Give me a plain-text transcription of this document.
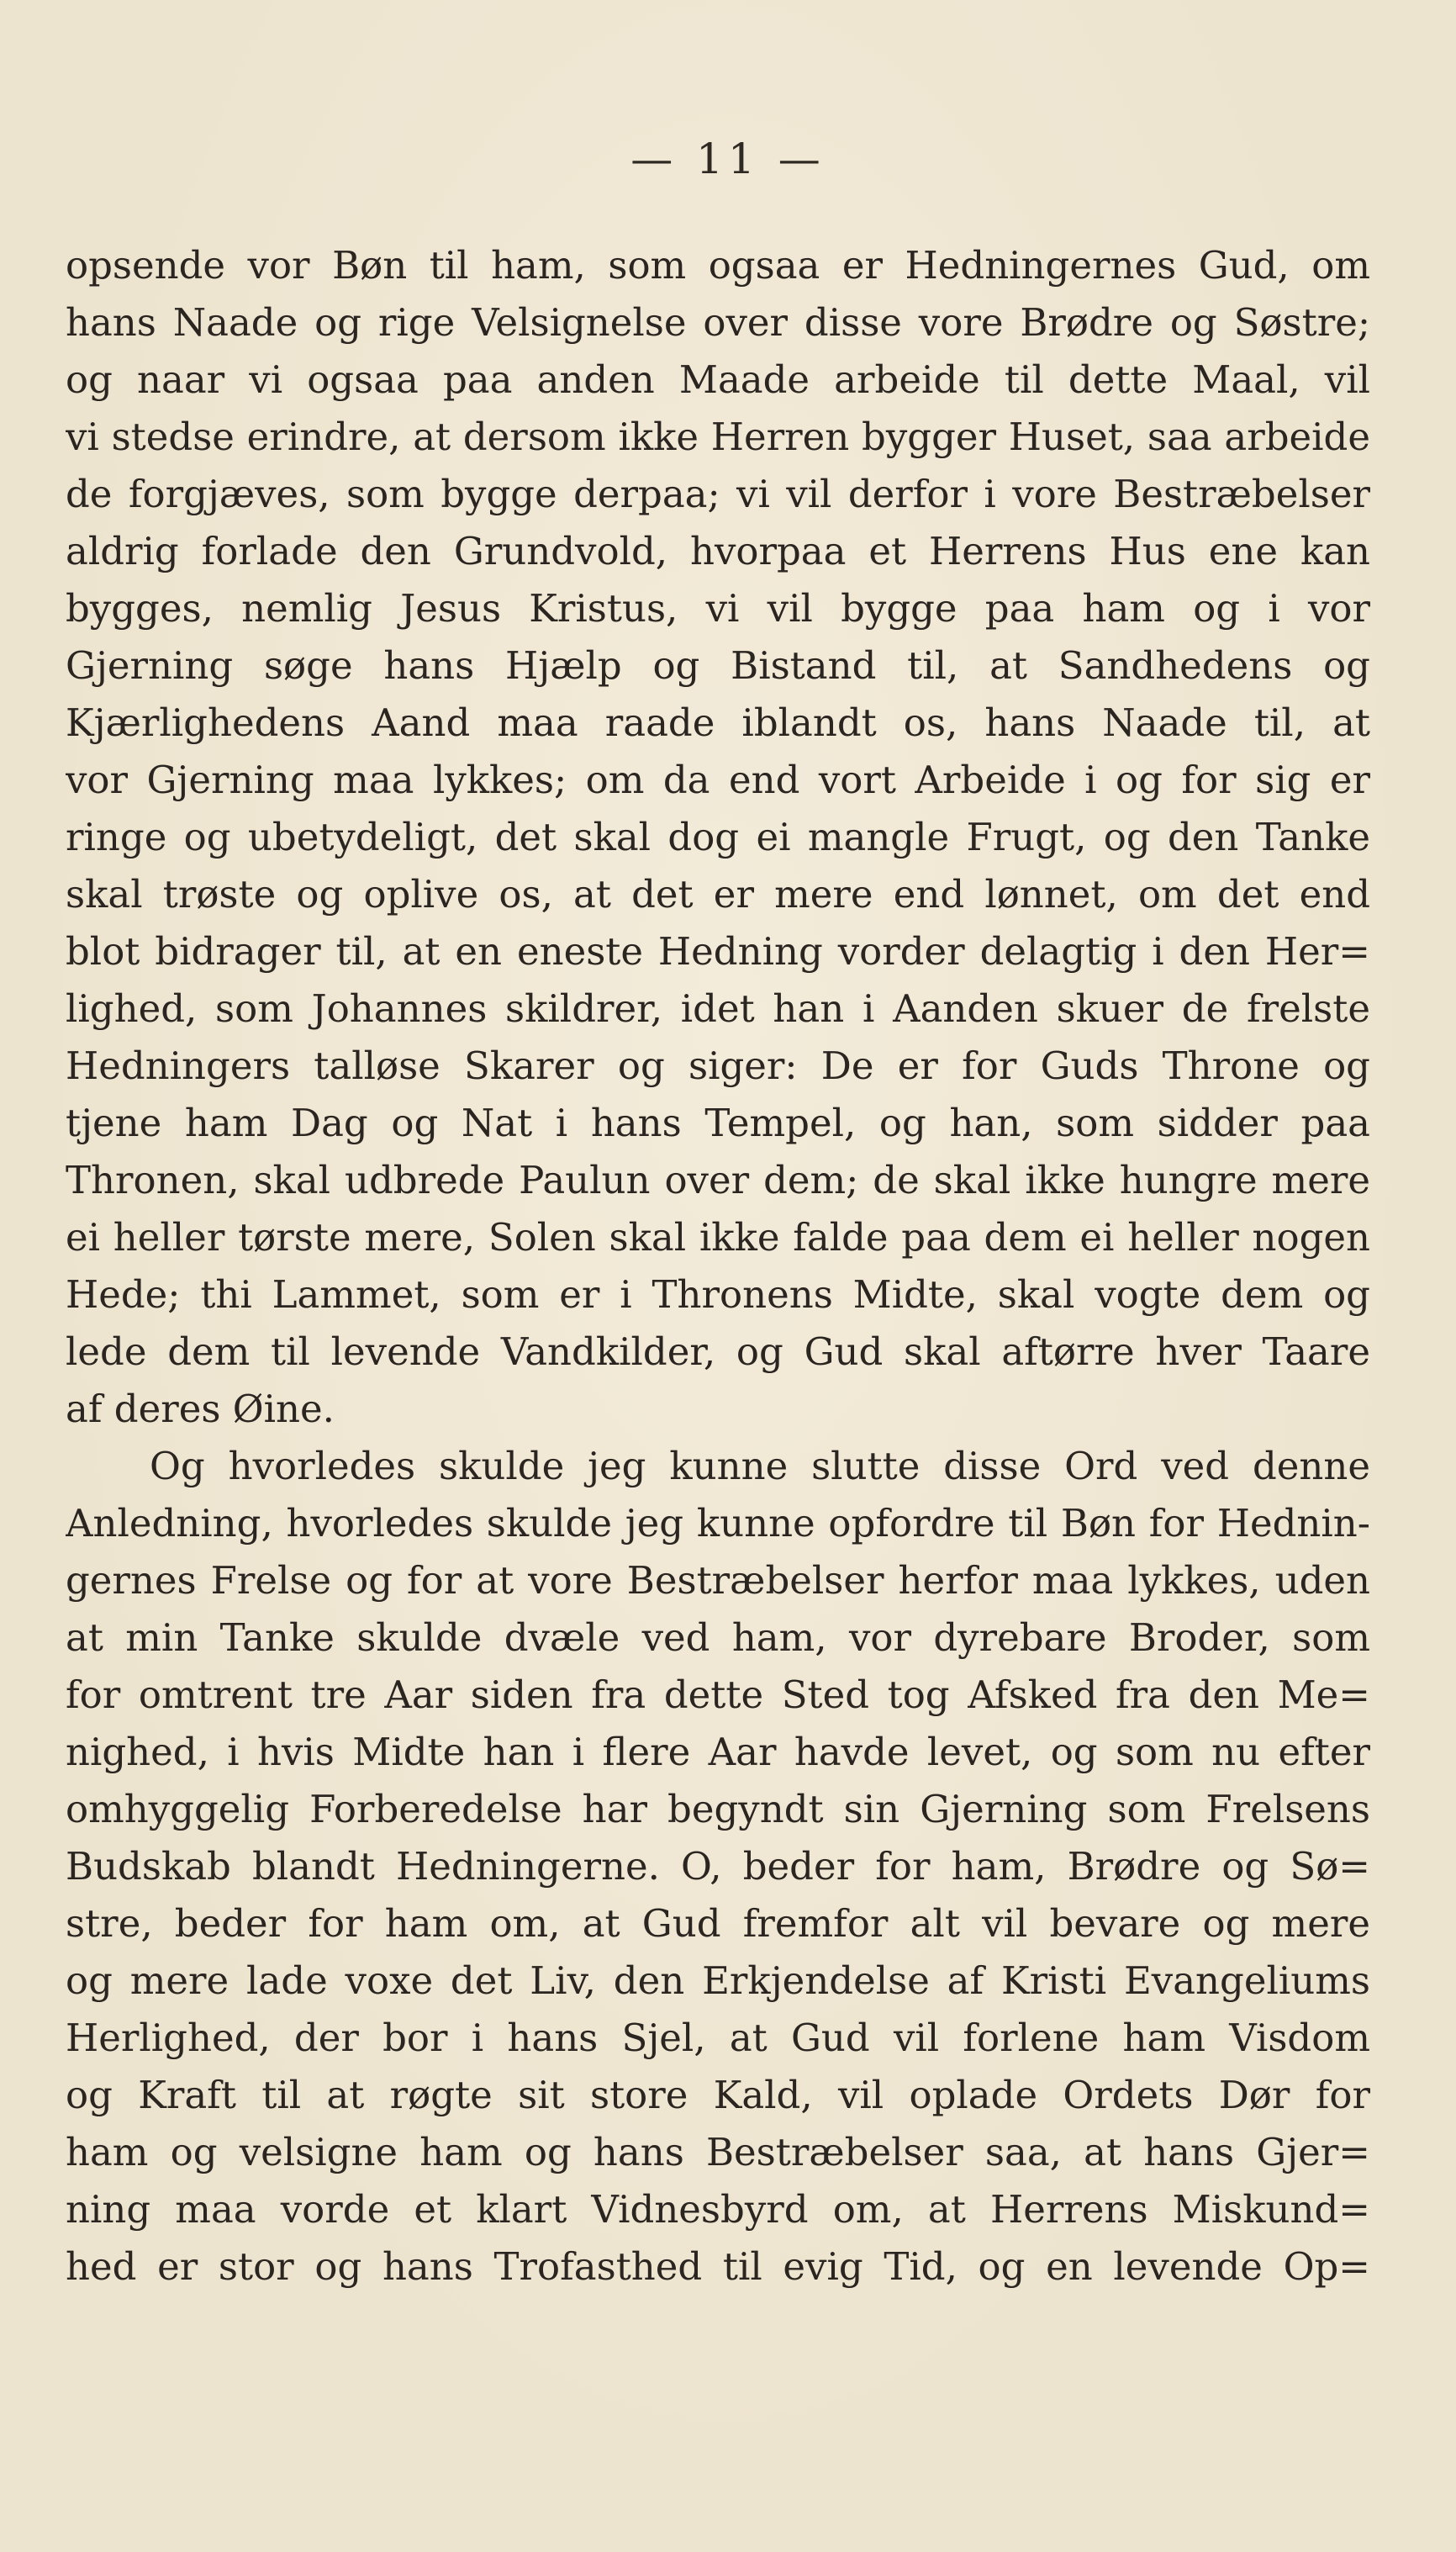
— 11 —
opsende vor Bøn til ham, som ogsaa er Hedningernes Gud, om
hans Naade og rige Velsignelse over disse vore Brødre og Søstre;
og naar vi ogsaa paa anden Maade arbeide til dette Maal, vil
vi stedse erindre, at dersom ikke Herren bygger Huset, saa arbeide
de forgjæves, som bygge derpaa; vi vil derfor i vore Bestræbelser
aldrig forlade den Grundvold, hvorpaa et Herrens Hus ene kan
bygges, nemlig Jesus Kristus, vi vil bygge paa ham og i vor
Gjerning søge hans Hjælp og Bistand til, at Sandhedens og
Kjærlighedens Aand maa raade iblandt os, hans Naade til, at
vor Gjerning maa lykkes; om da end vort Arbeide i og for sig er
ringe og ubetydeligt, det skal dog ei mangle Frugt, og den Tanke
skal trøste og oplive os, at det er mere end lønnet, om det end
blot bidrager til, at en eneste Hedning vorder delagtig i den Her=
lighed, som Johannes skildrer, idet han i Aanden skuer de frelste
Hedningers talløse Skarer og siger: De er for Guds Throne og
tjene ham Dag og Nat i hans Tempel, og han, som sidder paa
Thronen, skal udbrede Paulun over dem; de skal ikke hungre mere
ei heller tørste mere, Solen skal ikke falde paa dem ei heller nogen
Hede; thi Lammet, som er i Thronens Midte, skal vogte dem og
lede dem til levende Vandkilder, og Gud skal aftørre hver Taare
af deres Øine.
Og hvorledes skulde jeg kunne slutte disse Ord ved denne
Anledning, hvorledes skulde jeg kunne opfordre til Bøn for Hednin-
gernes Frelse og for at vore Bestræbelser herfor maa lykkes, uden
at min Tanke skulde dvæle ved ham, vor dyrebare Broder, som
for omtrent tre Aar siden fra dette Sted tog Afsked fra den Me=
nighed, i hvis Midte han i flere Aar havde levet, og som nu efter
omhyggelig Forberedelse har begyndt sin Gjerning som Frelsens
Budskab blandt Hedningerne. O, beder for ham, Brødre og Sø=
stre, beder for ham om, at Gud fremfor alt vil bevare og mere
og mere lade voxe det Liv, den Erkjendelse af Kristi Evangeliums
Herlighed, der bor i hans Sjel, at Gud vil forlene ham Visdom
og Kraft til at røgte sit store Kald, vil oplade Ordets Dør for
ham og velsigne ham og hans Bestræbelser saa, at hans Gjer=
ning maa vorde et klart Vidnesbyrd om, at Herrens Miskund=
hed er stor og hans Trofasthed til evig Tid, og en levende Op=
